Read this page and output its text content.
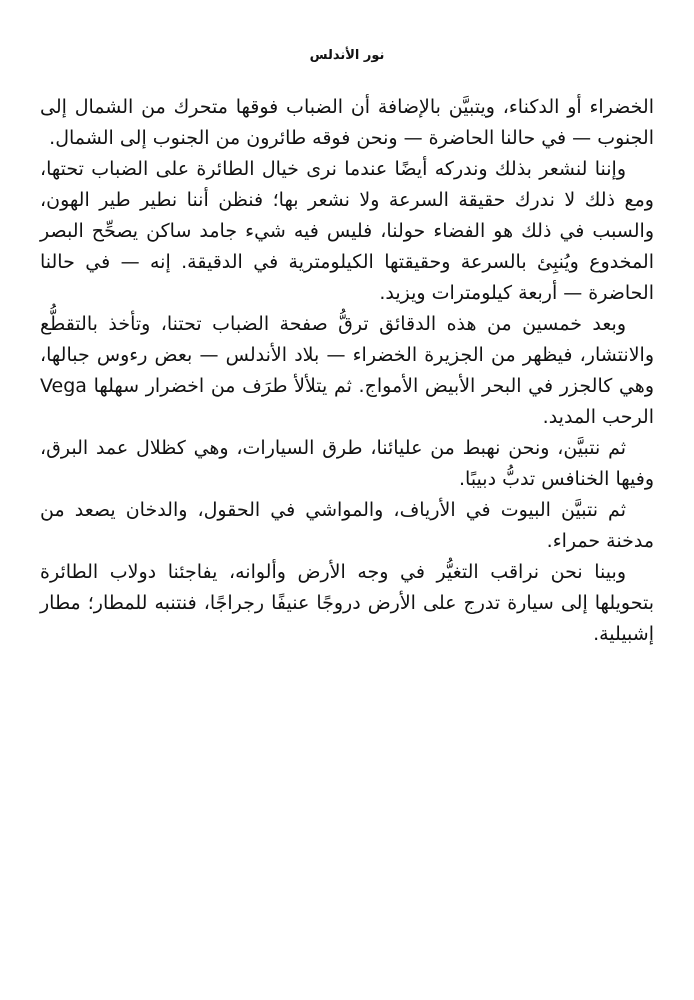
نور الأندلس

الخضراء أو الدكناء، ويتبيَّن بالإضافة أن الضباب فوقها متحرك من الشمال إلى الجنوب — في حالنا الحاضرة — ونحن فوقه طائرون من الجنوب إلى الشمال.

وإننا لنشعر بذلك وندركه أيضًا عندما نرى خيال الطائرة على الضباب تحتها، ومع ذلك لا ندرك حقيقة السرعة ولا نشعر بها؛ فنظن أننا نطير طير الهون، والسبب في ذلك هو الفضاء حولنا، فليس فيه شيء جامد ساكن يصحِّح البصر المخدوع ويُنبِئ بالسرعة وحقيقتها الكيلومترية في الدقيقة. إنه — في حالنا الحاضرة — أربعة كيلومترات ويزيد.

وبعد خمسين من هذه الدقائق ترقُّ صفحة الضباب تحتنا، وتأخذ بالتقطُّع والانتشار، فيظهر من الجزيرة الخضراء — بلاد الأندلس — بعض رءوس جبالها، وهي كالجزر في البحر الأبيض الأمواج. ثم يتلألأ طرَف من اخضرار سهلها Vega الرحب المديد.

ثم نتبيَّن، ونحن نهبط من عليائنا، طرق السيارات، وهي كظلال عمد البرق، وفيها الخنافس تدبُّ دبيبًا.

ثم نتبيَّن البيوت في الأرياف، والمواشي في الحقول، والدخان يصعد من مدخنة حمراء.

وبينا نحن نراقب التغيُّر في وجه الأرض وألوانه، يفاجئنا دولاب الطائرة بتحويلها إلى سيارة تدرج على الأرض دروجًا عنيفًا رجراجًا، فنتنبه للمطار؛ مطار إشبيلية.
